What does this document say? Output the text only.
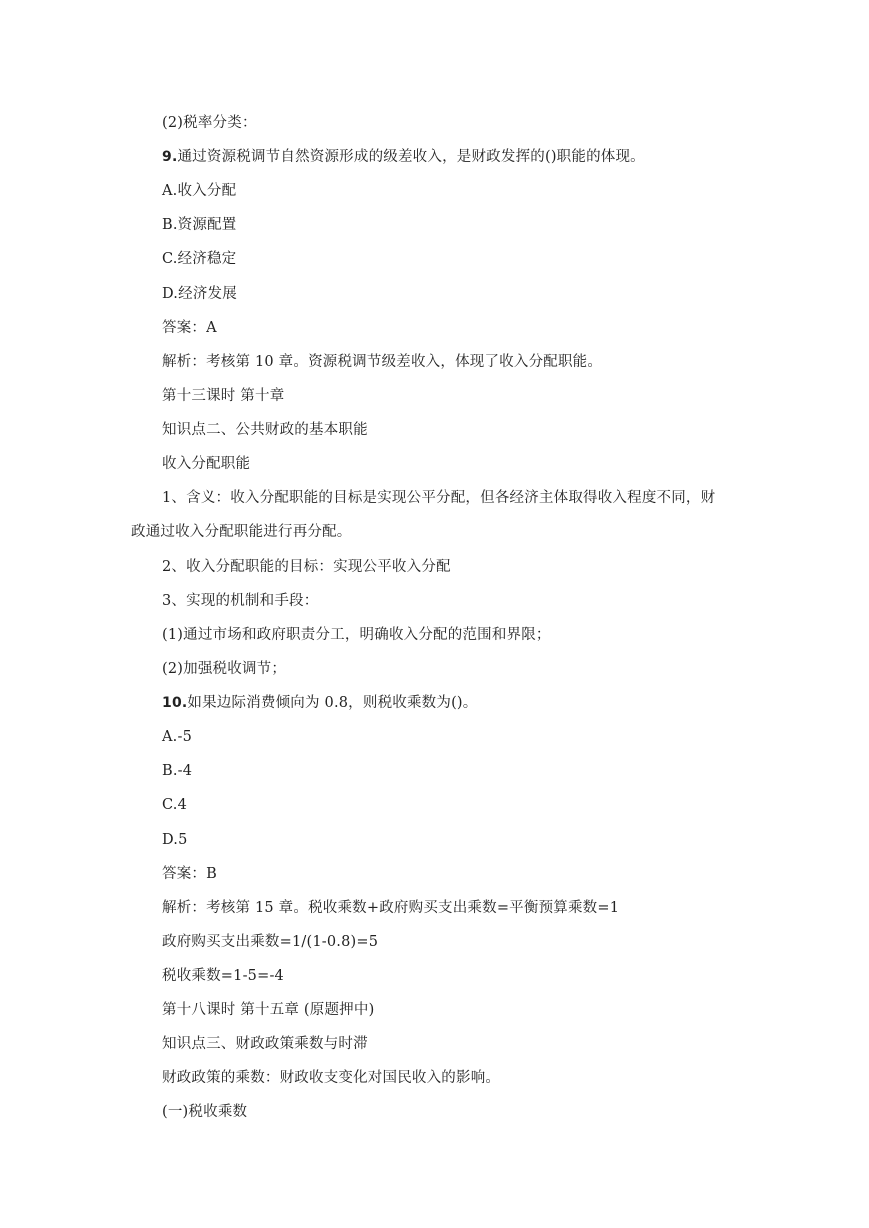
(2)税率分类：
9.通过资源税调节自然资源形成的级差收入，是财政发挥的()职能的体现。
A.收入分配
B.资源配置
C.经济稳定
D.经济发展
答案：A
解析：考核第 10 章。资源税调节级差收入，体现了收入分配职能。
第十三课时 第十章
知识点二、公共财政的基本职能
收入分配职能
1、含义：收入分配职能的目标是实现公平分配，但各经济主体取得收入程度不同，财
政通过收入分配职能进行再分配。
2、收入分配职能的目标：实现公平收入分配
3、实现的机制和手段：
(1)通过市场和政府职责分工，明确收入分配的范围和界限；
(2)加强税收调节；
10.如果边际消费倾向为 0.8，则税收乘数为()。
A.-5
B.-4
C.4
D.5
答案：B
解析：考核第 15 章。税收乘数+政府购买支出乘数=平衡预算乘数=1
政府购买支出乘数=1/(1-0.8)=5
税收乘数=1-5=-4
第十八课时 第十五章 (原题押中)
知识点三、财政政策乘数与时滞
财政政策的乘数：财政收支变化对国民收入的影响。
(一)税收乘数
